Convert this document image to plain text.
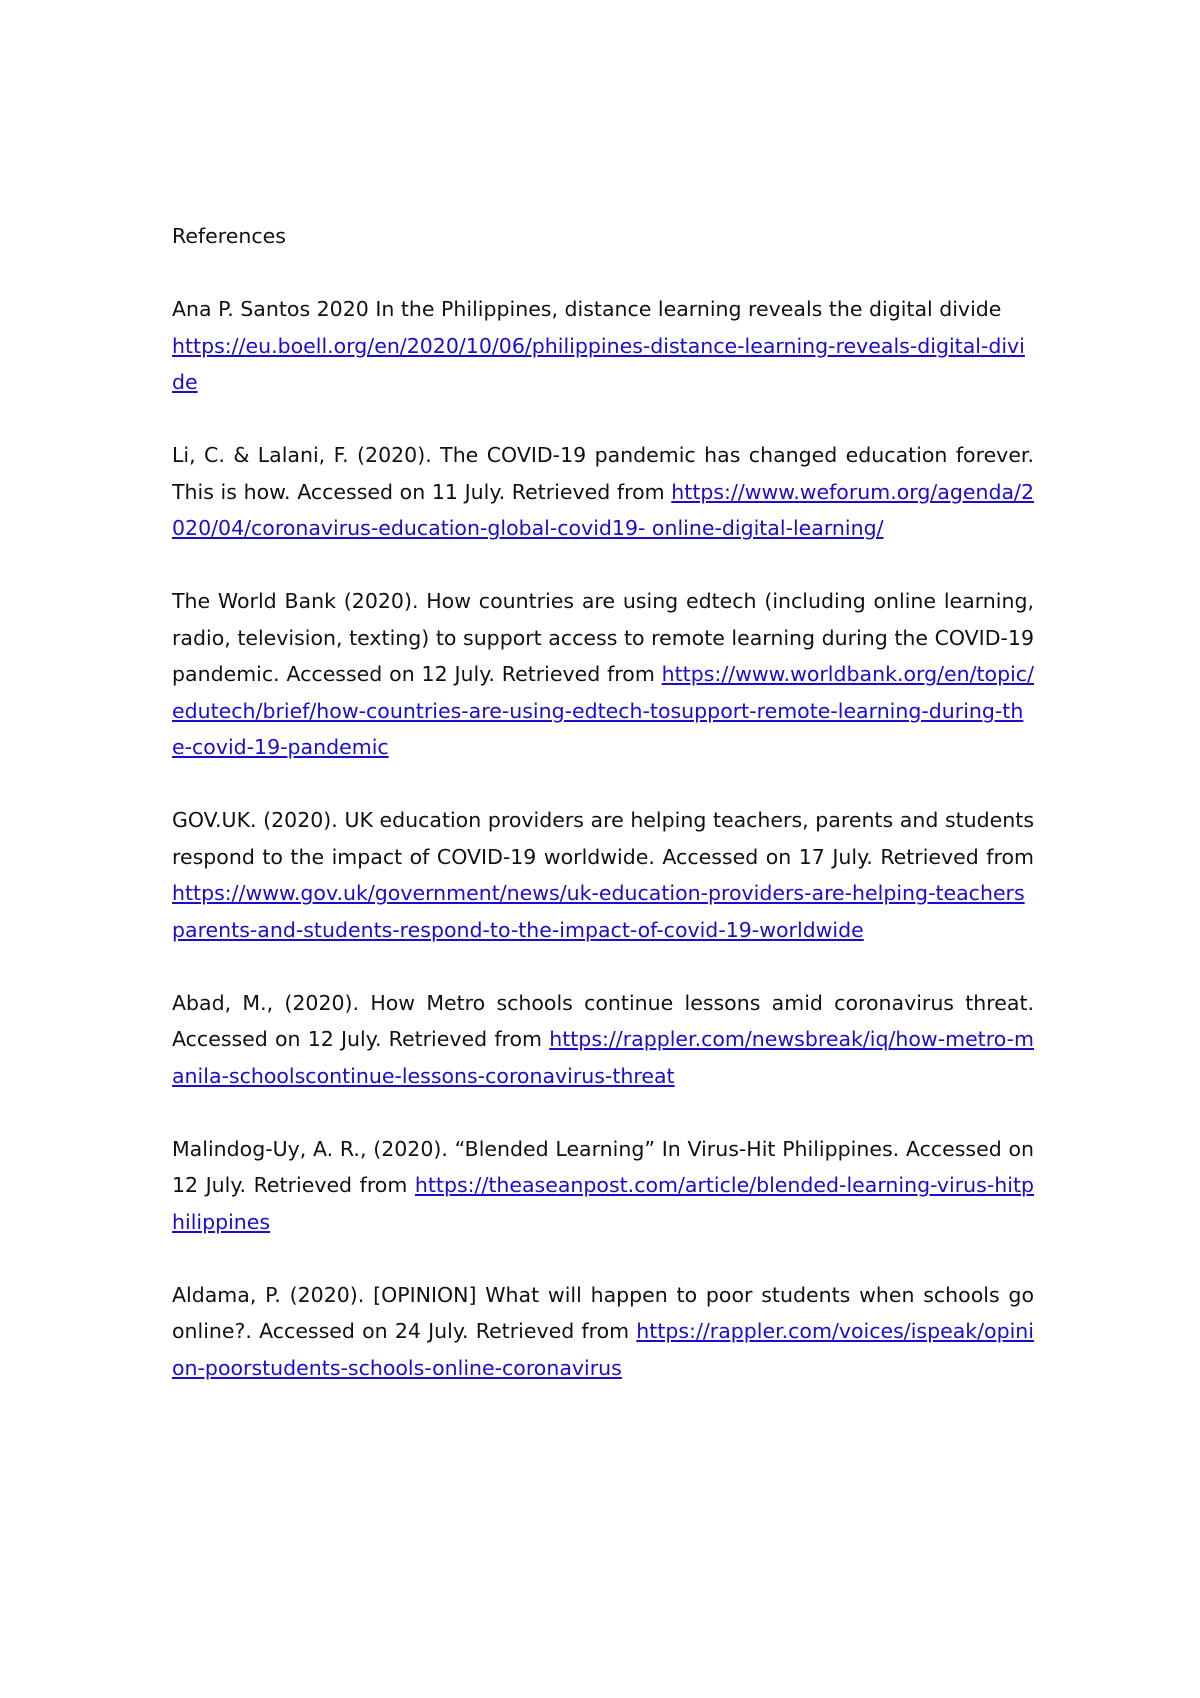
References

Ana P. Santos 2020 In the Philippines, distance learning reveals the digital divide
https://eu.boell.org/en/2020/10/06/philippines-distance-learning-reveals-digital-divide

Li, C. & Lalani, F. (2020). The COVID-19 pandemic has changed education forever. This is how. Accessed on 11 July. Retrieved from https://www.weforum.org/agenda/2020/04/coronavirus-education-global-covid19- online-digital-learning/

The World Bank (2020). How countries are using edtech (including online learning, radio, television, texting) to support access to remote learning during the COVID-19 pandemic. Accessed on 12 July. Retrieved from https://www.worldbank.org/en/topic/edutech/brief/how-countries-are-using-edtech-tosupport-remote-learning-during-the-covid-19-pandemic

GOV.UK. (2020). UK education providers are helping teachers, parents and students respond to the impact of COVID-19 worldwide. Accessed on 17 July. Retrieved from https://www.gov.uk/government/news/uk-education-providers-are-helping-teachersparents-and-students-respond-to-the-impact-of-covid-19-worldwide

Abad, M., (2020). How Metro schools continue lessons amid coronavirus threat. Accessed on 12 July. Retrieved from https://rappler.com/newsbreak/iq/how-metro-manila-schoolscontinue-lessons-coronavirus-threat

Malindog-Uy, A. R., (2020). “Blended Learning” In Virus-Hit Philippines. Accessed on 12 July. Retrieved from https://theaseanpost.com/article/blended-learning-virus-hitphilippines

Aldama, P. (2020). [OPINION] What will happen to poor students when schools go online?. Accessed on 24 July. Retrieved from https://rappler.com/voices/ispeak/opinion-poorstudents-schools-online-coronavirus
